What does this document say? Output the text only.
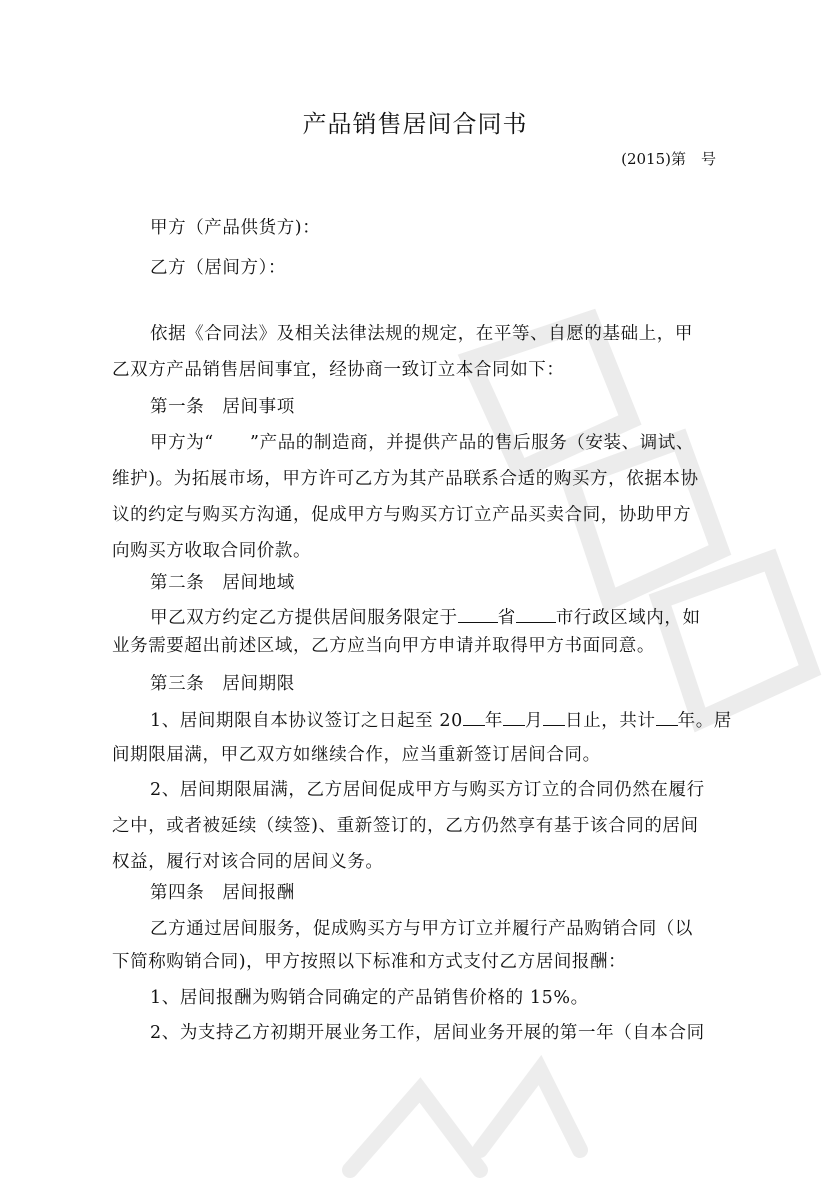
产品销售居间合同书
(2015)第　号
甲方（产品供货方)：
乙方（居间方）：
依据《合同法》及相关法律法规的规定，在平等、自愿的基础上，甲
乙双方产品销售居间事宜，经协商一致订立本合同如下：
第一条　居间事项
甲方为“　　”产品的制造商，并提供产品的售后服务（安装、调试、
维护)。为拓展市场，甲方许可乙方为其产品联系合适的购买方，依据本协
议的约定与购买方沟通，促成甲方与购买方订立产品买卖合同，协助甲方
向购买方收取合同价款。
第二条　居间地域
甲乙双方约定乙方提供居间服务限定于 省 市行政区域内，如
业务需要超出前述区域，乙方应当向甲方申请并取得甲方书面同意。
第三条　居间期限
1、居间期限自本协议签订之日起至 20 年 月 日止，共计 年。居
间期限届满，甲乙双方如继续合作，应当重新签订居间合同。
2、居间期限届满，乙方居间促成甲方与购买方订立的合同仍然在履行
之中，或者被延续（续签)、重新签订的，乙方仍然享有基于该合同的居间
权益，履行对该合同的居间义务。
第四条　居间报酬
乙方通过居间服务，促成购买方与甲方订立并履行产品购销合同（以
下简称购销合同)，甲方按照以下标准和方式支付乙方居间报酬：
1、居间报酬为购销合同确定的产品销售价格的 15%。
2、为支持乙方初期开展业务工作，居间业务开展的第一年（自本合同
